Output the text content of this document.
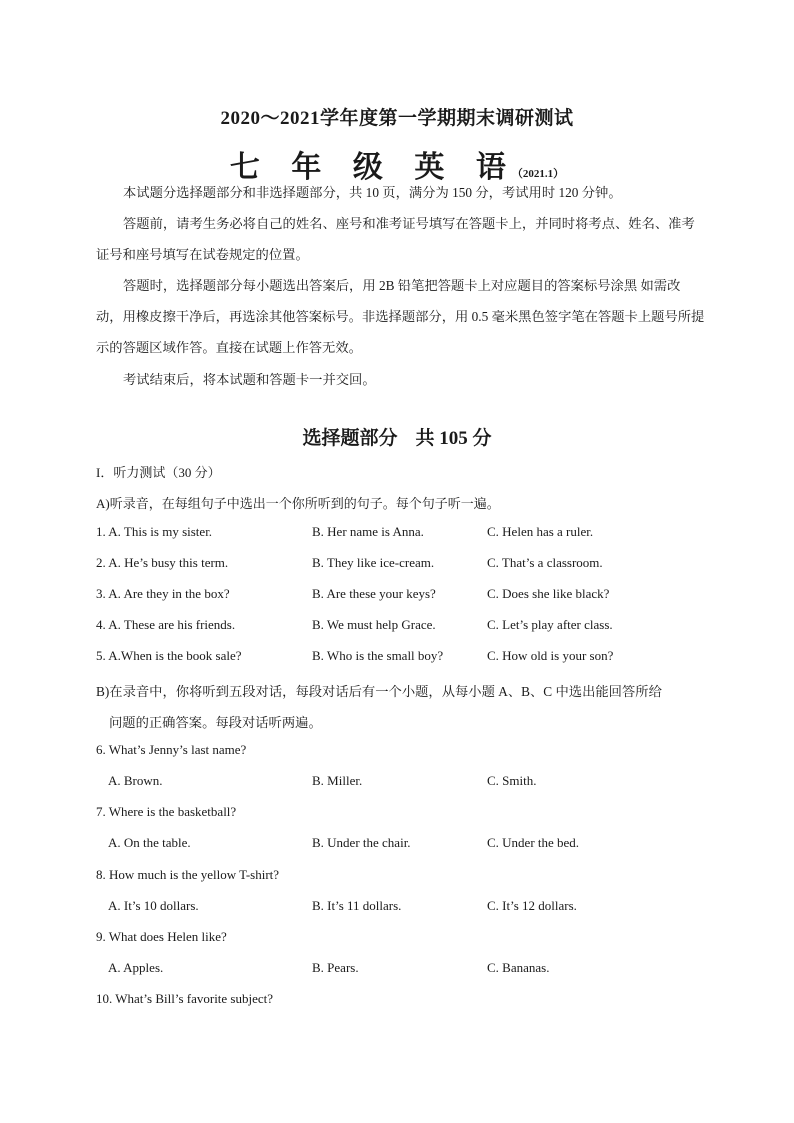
2020～2021学年度第一学期期末调研测试
七 年 级 英 语（2021.1）

本试题分选择题部分和非选择题部分，共 10 页，满分为 150 分，考试用时 120 分钟。

答题前，请考生务必将自己的姓名、座号和准考证号填写在答题卡上，并同时将考点、姓名、准考证号和座号填写在试卷规定的位置。

答题时，选择题部分每小题选出答案后，用 2B 铅笔把答题卡上对应题目的答案标号涂黑 如需改动，用橡皮擦干净后，再选涂其他答案标号。非选择题部分，用 0.5 毫米黑色签字笔在答题卡上题号所提示的答题区域作答。直接在试题上作答无效。

考试结束后，将本试题和答题卡一并交回。

选择题部分 共 105 分
I．听力测试（30 分）
A)听录音，在每组句子中选出一个你所听到的句子。每个句子听一遍。
1. A. This is my sister.	B. Her name is Anna.	C. Helen has a ruler.
2. A. He’s busy this term.	B. They like ice-cream.	C. That’s a classroom.
3. A. Are they in the box?	B. Are these your keys?	C. Does she like black?
4. A. These are his friends.	B. We must help Grace.	C. Let’s play after class.
5. A.When is the book sale?	B. Who is the small boy?	C. How old is your son?

B)在录音中，你将听到五段对话，每段对话后有一个小题，从每小题 A、B、C 中选出能回答所给
问题的正确答案。每段对话听两遍。

6. What’s Jenny’s last name?
A. Brown.	B. Miller.	C. Smith.
7. Where is the basketball?
A. On the table.	B. Under the chair.	C. Under the bed.
8. How much is the yellow T-shirt?
A. It’s 10 dollars.	B. It’s 11 dollars.	C. It’s 12 dollars.
9. What does Helen like?
A. Apples.	B. Pears.	C. Bananas.
10. What’s Bill’s favorite subject?
